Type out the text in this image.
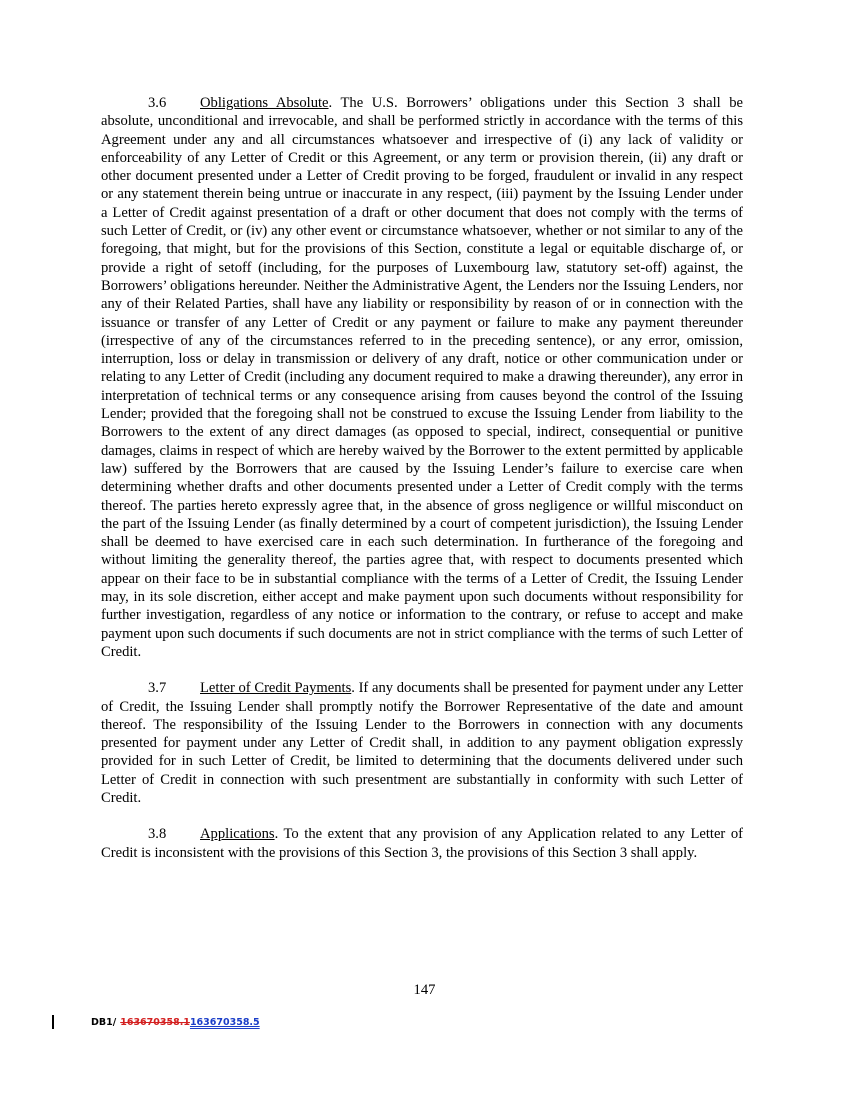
3.6 Obligations Absolute. The U.S. Borrowers’ obligations under this Section 3 shall be absolute, unconditional and irrevocable, and shall be performed strictly in accordance with the terms of this Agreement under any and all circumstances whatsoever and irrespective of (i) any lack of validity or enforceability of any Letter of Credit or this Agreement, or any term or provision therein, (ii) any draft or other document presented under a Letter of Credit proving to be forged, fraudulent or invalid in any respect or any statement therein being untrue or inaccurate in any respect, (iii) payment by the Issuing Lender under a Letter of Credit against presentation of a draft or other document that does not comply with the terms of such Letter of Credit, or (iv) any other event or circumstance whatsoever, whether or not similar to any of the foregoing, that might, but for the provisions of this Section, constitute a legal or equitable discharge of, or provide a right of setoff (including, for the purposes of Luxembourg law, statutory set-off) against, the Borrowers’ obligations hereunder. Neither the Administrative Agent, the Lenders nor the Issuing Lenders, nor any of their Related Parties, shall have any liability or responsibility by reason of or in connection with the issuance or transfer of any Letter of Credit or any payment or failure to make any payment thereunder (irrespective of any of the circumstances referred to in the preceding sentence), or any error, omission, interruption, loss or delay in transmission or delivery of any draft, notice or other communication under or relating to any Letter of Credit (including any document required to make a drawing thereunder), any error in interpretation of technical terms or any consequence arising from causes beyond the control of the Issuing Lender; provided that the foregoing shall not be construed to excuse the Issuing Lender from liability to the Borrowers to the extent of any direct damages (as opposed to special, indirect, consequential or punitive damages, claims in respect of which are hereby waived by the Borrower to the extent permitted by applicable law) suffered by the Borrowers that are caused by the Issuing Lender’s failure to exercise care when determining whether drafts and other documents presented under a Letter of Credit comply with the terms thereof. The parties hereto expressly agree that, in the absence of gross negligence or willful misconduct on the part of the Issuing Lender (as finally determined by a court of competent jurisdiction), the Issuing Lender shall be deemed to have exercised care in each such determination. In furtherance of the foregoing and without limiting the generality thereof, the parties agree that, with respect to documents presented which appear on their face to be in substantial compliance with the terms of a Letter of Credit, the Issuing Lender may, in its sole discretion, either accept and make payment upon such documents without responsibility for further investigation, regardless of any notice or information to the contrary, or refuse to accept and make payment upon such documents if such documents are not in strict compliance with the terms of such Letter of Credit.

3.7 Letter of Credit Payments. If any documents shall be presented for payment under any Letter of Credit, the Issuing Lender shall promptly notify the Borrower Representative of the date and amount thereof. The responsibility of the Issuing Lender to the Borrowers in connection with any documents presented for payment under any Letter of Credit shall, in addition to any payment obligation expressly provided for in such Letter of Credit, be limited to determining that the documents delivered under such Letter of Credit in connection with such presentment are substantially in conformity with such Letter of Credit.

3.8 Applications. To the extent that any provision of any Application related to any Letter of Credit is inconsistent with the provisions of this Section 3, the provisions of this Section 3 shall apply.

147
DB1/ 163670358.1 163670358.5
